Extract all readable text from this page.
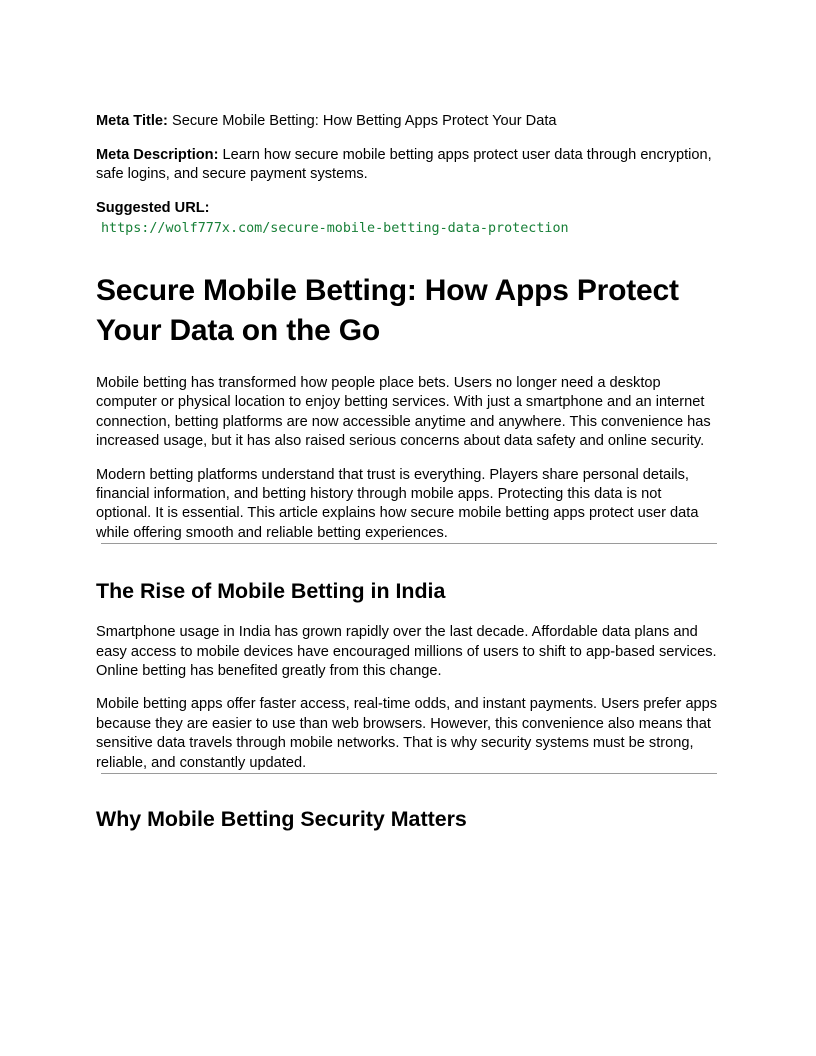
Meta Title: Secure Mobile Betting: How Betting Apps Protect Your Data

Meta Description: Learn how secure mobile betting apps protect user data through encryption, safe logins, and secure payment systems.

Suggested URL:

https://wolf777x.com/secure-mobile-betting-data-protection
Secure Mobile Betting: How Apps Protect Your Data on the Go

Mobile betting has transformed how people place bets. Users no longer need a desktop computer or physical location to enjoy betting services. With just a smartphone and an internet connection, betting platforms are now accessible anytime and anywhere. This convenience has increased usage, but it has also raised serious concerns about data safety and online security.

Modern betting platforms understand that trust is everything. Players share personal details, financial information, and betting history through mobile apps. Protecting this data is not optional. It is essential. This article explains how secure mobile betting apps protect user data while offering smooth and reliable betting experiences.

The Rise of Mobile Betting in India

Smartphone usage in India has grown rapidly over the last decade. Affordable data plans and easy access to mobile devices have encouraged millions of users to shift to app-based services. Online betting has benefited greatly from this change.

Mobile betting apps offer faster access, real-time odds, and instant payments. Users prefer apps because they are easier to use than web browsers. However, this convenience also means that sensitive data travels through mobile networks. That is why security systems must be strong, reliable, and constantly updated.

Why Mobile Betting Security Matters
